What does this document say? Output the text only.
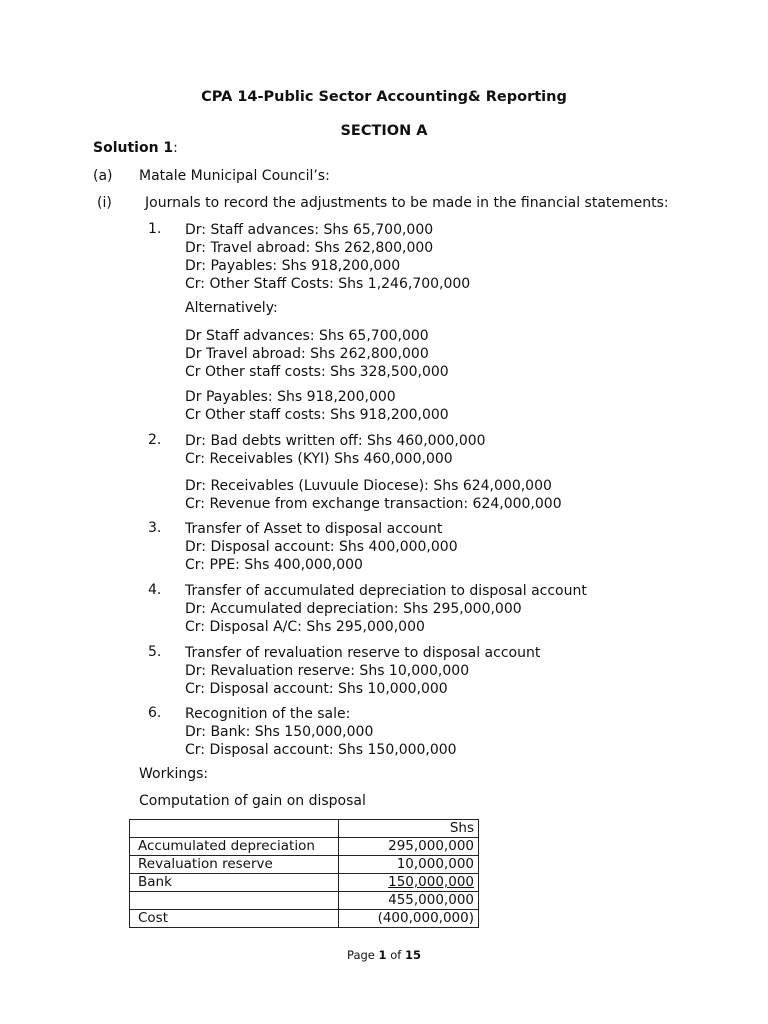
CPA 14-Public Sector Accounting& Reporting
SECTION A
Solution 1:
(a) Matale Municipal Council’s:
(i) Journals to record the adjustments to be made in the financial statements:
1. Dr: Staff advances: Shs 65,700,000
Dr: Travel abroad: Shs 262,800,000
Dr: Payables: Shs 918,200,000
Cr: Other Staff Costs: Shs 1,246,700,000
Alternatively:
Dr Staff advances: Shs 65,700,000
Dr Travel abroad: Shs 262,800,000
Cr Other staff costs: Shs 328,500,000
Dr Payables: Shs 918,200,000
Cr Other staff costs: Shs 918,200,000
2. Dr: Bad debts written off: Shs 460,000,000
Cr: Receivables (KYI) Shs 460,000,000
Dr: Receivables (Luvuule Diocese): Shs 624,000,000
Cr: Revenue from exchange transaction: 624,000,000
3. Transfer of Asset to disposal account
Dr: Disposal account: Shs 400,000,000
Cr: PPE: Shs 400,000,000
4. Transfer of accumulated depreciation to disposal account
Dr: Accumulated depreciation: Shs 295,000,000
Cr: Disposal A/C: Shs 295,000,000
5. Transfer of revaluation reserve to disposal account
Dr: Revaluation reserve: Shs 10,000,000
Cr: Disposal account: Shs 10,000,000
6. Recognition of the sale:
Dr: Bank: Shs 150,000,000
Cr: Disposal account: Shs 150,000,000
Workings:
Computation of gain on disposal
	Shs
Accumulated depreciation	295,000,000
Revaluation reserve	10,000,000
Bank	150,000,000
	455,000,000
Cost	(400,000,000)
Page 1 of 15
